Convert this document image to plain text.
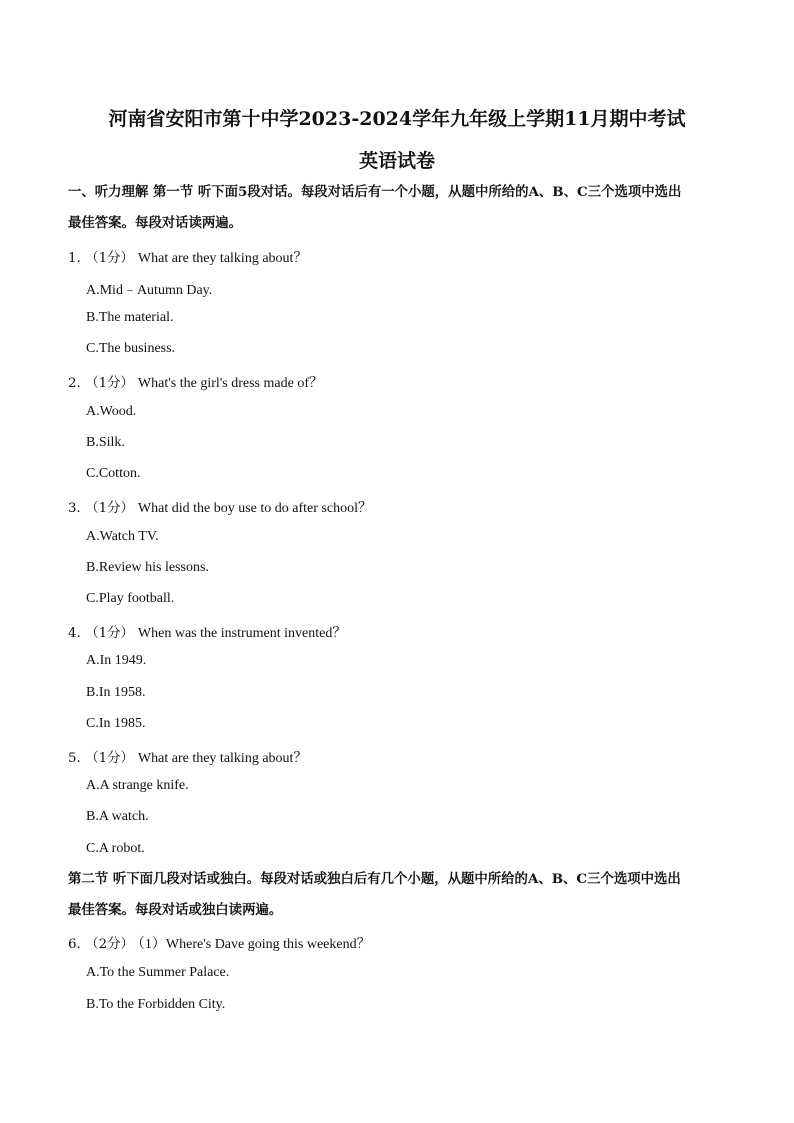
河南省安阳市第十中学2023-2024学年九年级上学期11月期中考试
英语试卷
一、听力理解 第一节 听下面5段对话。每段对话后有一个小题，从题中所给的A、B、C三个选项中选出
最佳答案。每段对话读两遍。
1． （1分） What are they talking about？
A.Mid﹣Autumn Day.
B.The material.
C.The business.
2． （1分） What's the girl's dress made of？
A.Wood.
B.Silk.
C.Cotton.
3． （1分） What did the boy use to do after school？
A.Watch TV.
B.Review his lessons.
C.Play football.
4． （1分） When was the instrument invented？
A.In 1949.
B.In 1958.
C.In 1985.
5． （1分） What are they talking about？
A.A strange knife.
B.A watch.
C.A robot.
第二节 听下面几段对话或独白。每段对话或独白后有几个小题，从题中所给的A、B、C三个选项中选出
最佳答案。每段对话或独白读两遍。
6． （2分） （1）Where's Dave going this weekend？
A.To the Summer Palace.
B.To the Forbidden City.
